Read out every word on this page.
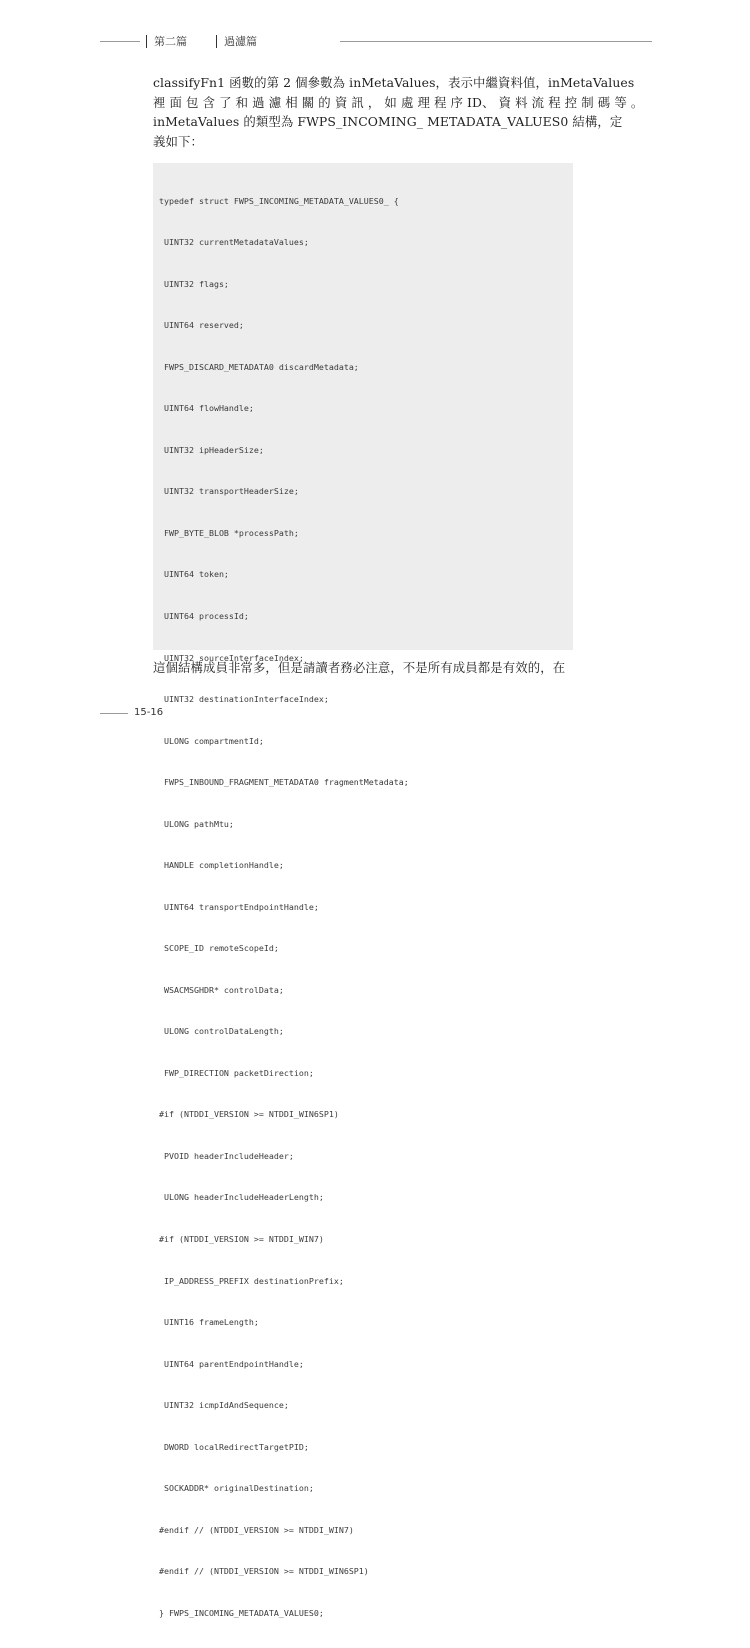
第二篇	過濾篇
classifyFn1 函數的第 2 個參數為 inMetaValues，表示中繼資料值，inMetaValues
裡 面 包 含 了 和 過 濾 相 關 的 資 訊 ， 如 處 理 程 序 ID、 資 料 流 程 控 制 碼 等 。
inMetaValues 的類型為 FWPS_INCOMING_ METADATA_VALUES0 結構，定
義如下：

typedef struct FWPS_INCOMING_METADATA_VALUES0_ {

UINT32 currentMetadataValues;

UINT32 flags;

UINT64 reserved;

FWPS_DISCARD_METADATA0 discardMetadata;

UINT64 flowHandle;

UINT32 ipHeaderSize;

UINT32 transportHeaderSize;

FWP_BYTE_BLOB *processPath;

UINT64 token;

UINT64 processId;

UINT32 sourceInterfaceIndex;

UINT32 destinationInterfaceIndex;

ULONG compartmentId;

FWPS_INBOUND_FRAGMENT_METADATA0 fragmentMetadata;

ULONG pathMtu;

HANDLE completionHandle;

UINT64 transportEndpointHandle;

SCOPE_ID remoteScopeId;

WSACMSGHDR* controlData;

ULONG controlDataLength;

FWP_DIRECTION packetDirection;

#if (NTDDI_VERSION >= NTDDI_WIN6SP1)

PVOID headerIncludeHeader;

ULONG headerIncludeHeaderLength;

#if (NTDDI_VERSION >= NTDDI_WIN7)

IP_ADDRESS_PREFIX destinationPrefix;

UINT16 frameLength;

UINT64 parentEndpointHandle;

UINT32 icmpIdAndSequence;

DWORD localRedirectTargetPID;

SOCKADDR* originalDestination;

#endif // (NTDDI_VERSION >= NTDDI_WIN7)

#endif // (NTDDI_VERSION >= NTDDI_WIN6SP1)

} FWPS_INCOMING_METADATA_VALUES0;

這個結構成員非常多，但是請讀者務必注意，不是所有成員都是有效的，在
15-16
